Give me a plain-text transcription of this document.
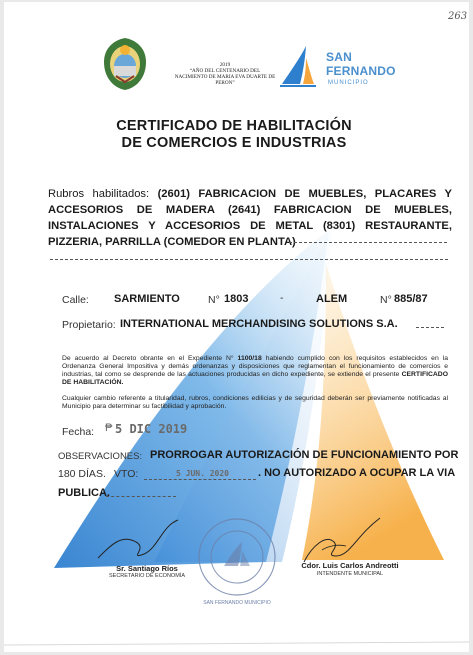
263
2019
“AÑO DEL CENTENARIO DEL
NACIMIENTO DE MARIA EVA DUARTE DE
PERON”
SAN
FERNANDO
MUNICIPIO
CERTIFICADO DE HABILITACIÓN
DE COMERCIOS E INDUSTRIAS
Rubros habilitados: (2601) FABRICACION DE MUEBLES, PLACARES Y ACCESORIOS DE MADERA (2641) FABRICACION DE MUEBLES, INSTALACIONES Y ACCESORIOS DE METAL (8301) RESTAURANTE, PIZZERIA, PARRILLA (COMEDOR EN PLANTA)
Calle: SARMIENTO	N° 1803	-	ALEM	N° 885/87
Propietario: INTERNATIONAL MERCHANDISING SOLUTIONS S.A.
De acuerdo al Decreto obrante en el Expediente N° 1100/18 habiendo cumplido con los requisitos establecidos en la Ordenanza General Impositiva y demás ordenanzas y disposiciones que reglamentan el funcionamiento de comercios e industrias, tal como se desprende de las actuaciones producidas en dicho expediente, se extiende el presente CERTIFICADO DE HABILITACIÓN.
Cualquier cambio referente a titularidad, rubros, condiciones edilicias y de seguridad deberán ser previamente notificadas al Municipio para determinar su factibilidad y aprobación.
Fecha: ₱ 5 DIC 2019
OBSERVACIONES: PRORROGAR AUTORIZACIÓN DE FUNCIONAMIENTO POR
180 DÍAS. VTO:	5 JUN. 2020	. NO AUTORIZADO A OCUPAR LA VIA
PUBLICA.
SAN FERNANDO MUNICIPIO
Sr. Santiago Ríos
SECRETARIO DE ECONOMÍA
Cdor. Luis Carlos Andreotti
INTENDENTE MUNICIPAL
